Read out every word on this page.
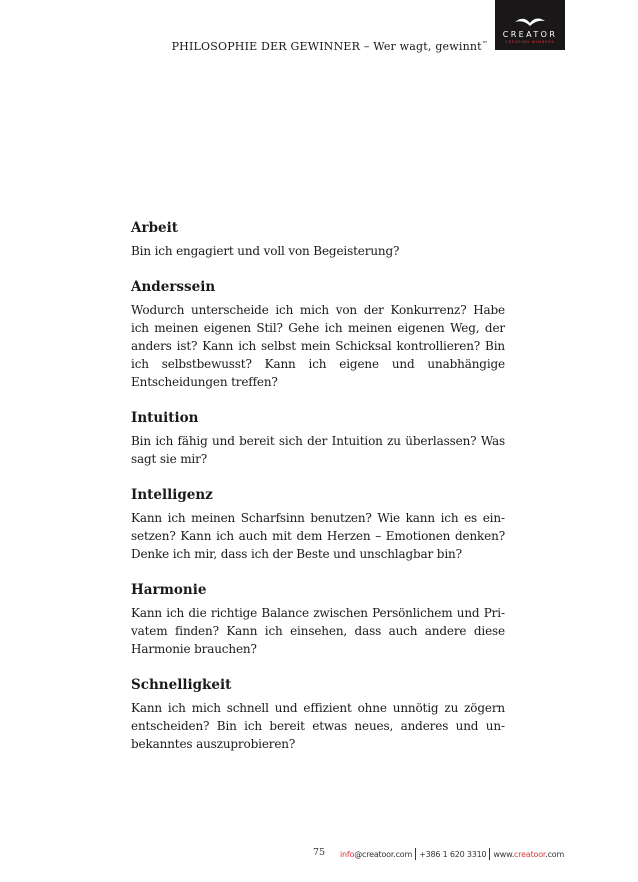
PHILOSOPHIE DER GEWINNER – Wer wagt, gewinnt™
CREATOR
CREATING WINNERS
Arbeit

Bin ich engagiert und voll von Begeisterung?

Anderssein

Wodurch unterscheide ich mich von der Konkurrenz? Habe ich meinen eigenen Stil? Gehe ich meinen eigenen Weg, der anders ist? Kann ich selbst mein Schicksal kontrollieren? Bin ich selbstbewusst? Kann ich eigene und unabhängige Entscheidungen treffen?

Intuition

Bin ich fähig und bereit sich der Intuition zu überlassen? Was sagt sie mir?

Intelligenz

Kann ich meinen Scharfsinn benutzen? Wie kann ich es einsetzen? Kann ich auch mit dem Herzen – Emotionen denken? Denke ich mir, dass ich der Beste und unschlagbar bin?

Harmonie

Kann ich die richtige Balance zwischen Persönlichem und Privatem finden? Kann ich einsehen, dass auch andere diese Harmonie brauchen?

Schnelligkeit

Kann ich mich schnell und effizient ohne unnötig zu zögern entscheiden? Bin ich bereit etwas neues, anderes und unbekanntes auszuprobieren?

75 info@creatoor.com +386 1 620 3310 www.creatoor.com
